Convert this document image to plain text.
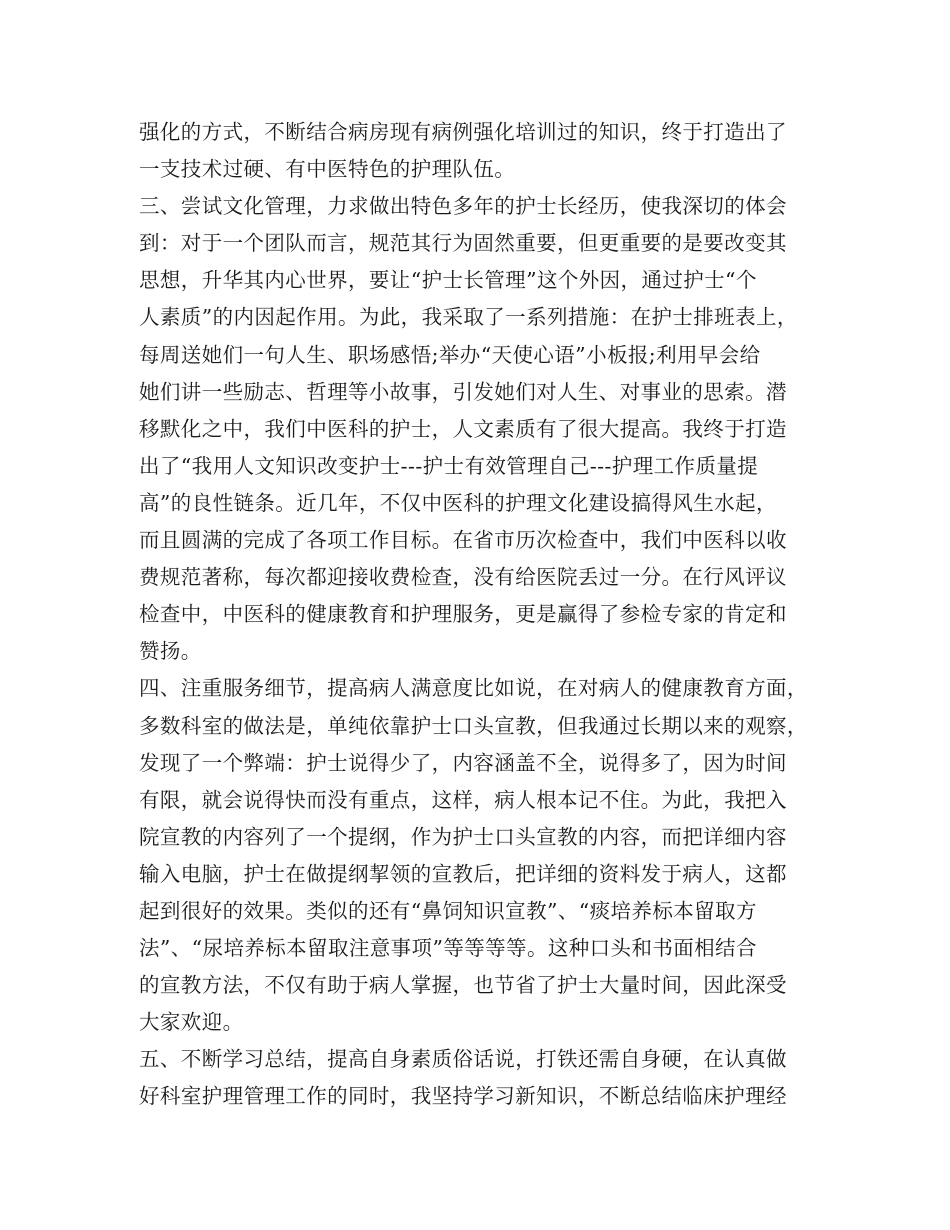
强化的方式，不断结合病房现有病例强化培训过的知识，终于打造出了
一支技术过硬、有中医特色的护理队伍。
三、尝试文化管理，力求做出特色多年的护士长经历，使我深切的体会
到：对于一个团队而言，规范其行为固然重要，但更重要的是要改变其
思想，升华其内心世界，要让“护士长管理”这个外因，通过护士“个
人素质”的内因起作用。为此，我采取了一系列措施：在护士排班表上，
每周送她们一句人生、职场感悟;举办“天使心语”小板报;利用早会给
她们讲一些励志、哲理等小故事，引发她们对人生、对事业的思索。潜
移默化之中，我们中医科的护士，人文素质有了很大提高。我终于打造
出了“我用人文知识改变护士---护士有效管理自己---护理工作质量提
高”的良性链条。近几年，不仅中医科的护理文化建设搞得风生水起，
而且圆满的完成了各项工作目标。在省市历次检查中，我们中医科以收
费规范著称，每次都迎接收费检查，没有给医院丢过一分。在行风评议
检查中，中医科的健康教育和护理服务，更是赢得了参检专家的肯定和
赞扬。
四、注重服务细节，提高病人满意度比如说，在对病人的健康教育方面，
多数科室的做法是，单纯依靠护士口头宣教，但我通过长期以来的观察，
发现了一个弊端：护士说得少了，内容涵盖不全，说得多了，因为时间
有限，就会说得快而没有重点，这样，病人根本记不住。为此，我把入
院宣教的内容列了一个提纲，作为护士口头宣教的内容，而把详细内容
输入电脑，护士在做提纲挈领的宣教后，把详细的资料发于病人，这都
起到很好的效果。类似的还有“鼻饲知识宣教”、“痰培养标本留取方
法”、“尿培养标本留取注意事项”等等等等。这种口头和书面相结合
的宣教方法，不仅有助于病人掌握，也节省了护士大量时间，因此深受
大家欢迎。
五、不断学习总结，提高自身素质俗话说，打铁还需自身硬，在认真做
好科室护理管理工作的同时，我坚持学习新知识，不断总结临床护理经
